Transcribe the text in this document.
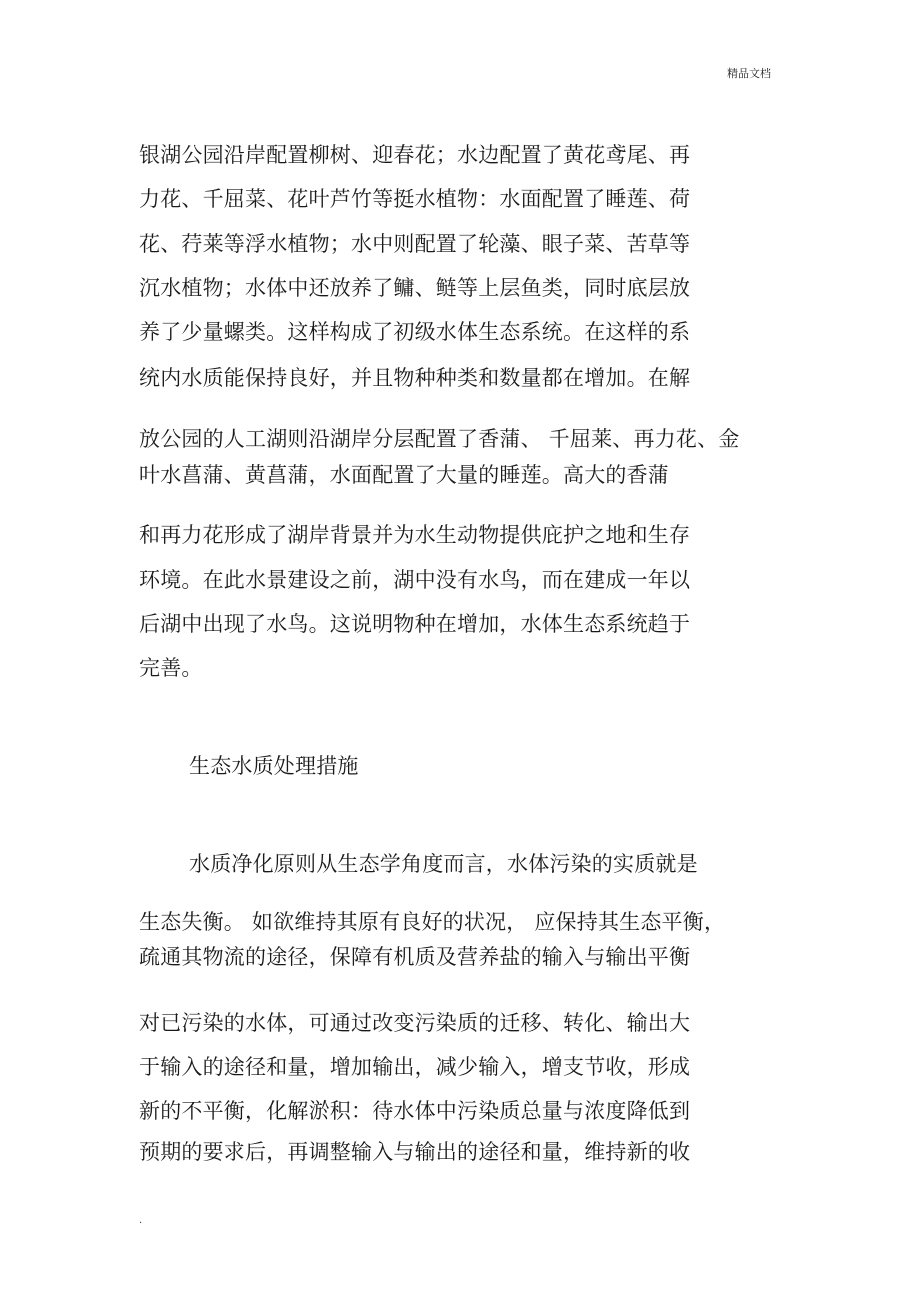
精品文档
银湖公园沿岸配置柳树、迎春花；水边配置了黄花鸢尾、再
力花、千屈菜、花叶芦竹等挺水植物：水面配置了睡莲、荷
花、荇莱等浮水植物；水中则配置了轮藻、眼子菜、苦草等
沉水植物；水体中还放养了鳙、鲢等上层鱼类，同时底层放
养了少量螺类。这样构成了初级水体生态系统。在这样的系
统内水质能保持良好，并且物种种类和数量都在增加。在解
放公园的人工湖则沿湖岸分层配置了香蒲、 千屈莱、再力花、金
叶水菖蒲、黄菖蒲，水面配置了大量的睡莲。高大的香蒲
和再力花形成了湖岸背景并为水生动物提供庇护之地和生存
环境。在此水景建设之前，湖中没有水鸟，而在建成一年以
后湖中出现了水鸟。这说明物种在增加，水体生态系统趋于
完善。
生态水质处理措施
水质净化原则从生态学角度而言，水体污染的实质就是
生态失衡。 如欲维持其原有良好的状况， 应保持其生态平衡，
疏通其物流的途径，保障有机质及营养盐的输入与输出平衡
对已污染的水体，可通过改变污染质的迁移、转化、输出大
于输入的途径和量，增加输出，减少输入，增支节收，形成
新的不平衡，化解淤积：待水体中污染质总量与浓度降低到
预期的要求后，再调整输入与输出的途径和量，维持新的收
.
